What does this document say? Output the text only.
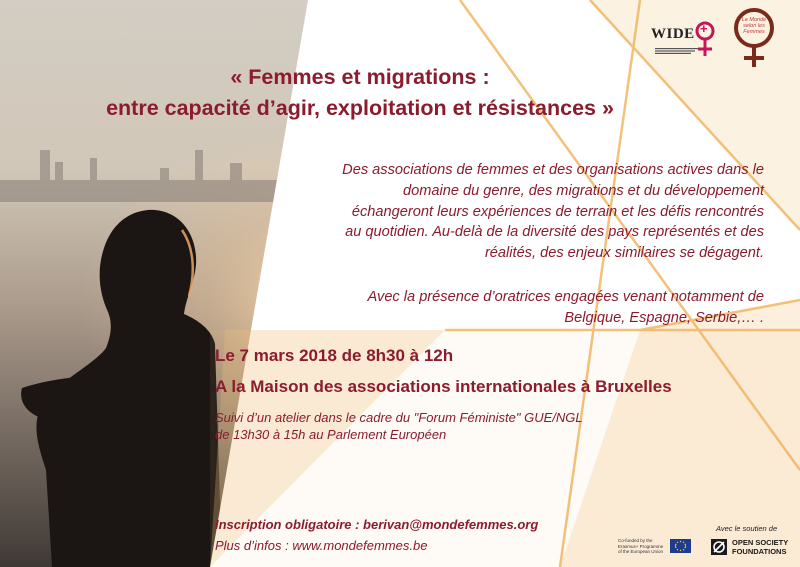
WIDE +
Le Monde
selon les
Femmes
« Femmes et migrations :
entre capacité d’agir, exploitation et résistances »
Des associations de femmes et des organisations actives dans le
domaine du genre, des migrations et du développement
échangeront leurs expériences de terrain et les défis rencontrés
au quotidien. Au-delà de la diversité des pays représentés et des
réalités, des enjeux similaires se dégagent.
Avec la présence d’oratrices engagées venant notamment de
Belgique, Espagne, Serbie,… .
Le 7 mars 2018 de 8h30 à 12h
A la Maison des associations internationales à Bruxelles
Suivi d’un atelier dans le cadre du "Forum Féministe" GUE/NGL
de 13h30 à 15h au Parlement Européen
Inscription obligatoire : berivan@mondefemmes.org
Plus d’infos : www.mondefemmes.be
Avec le soutien de
Co-funded by the
Erasmus+ Programme
of the European Union
OPEN SOCIETY
FOUNDATIONS
